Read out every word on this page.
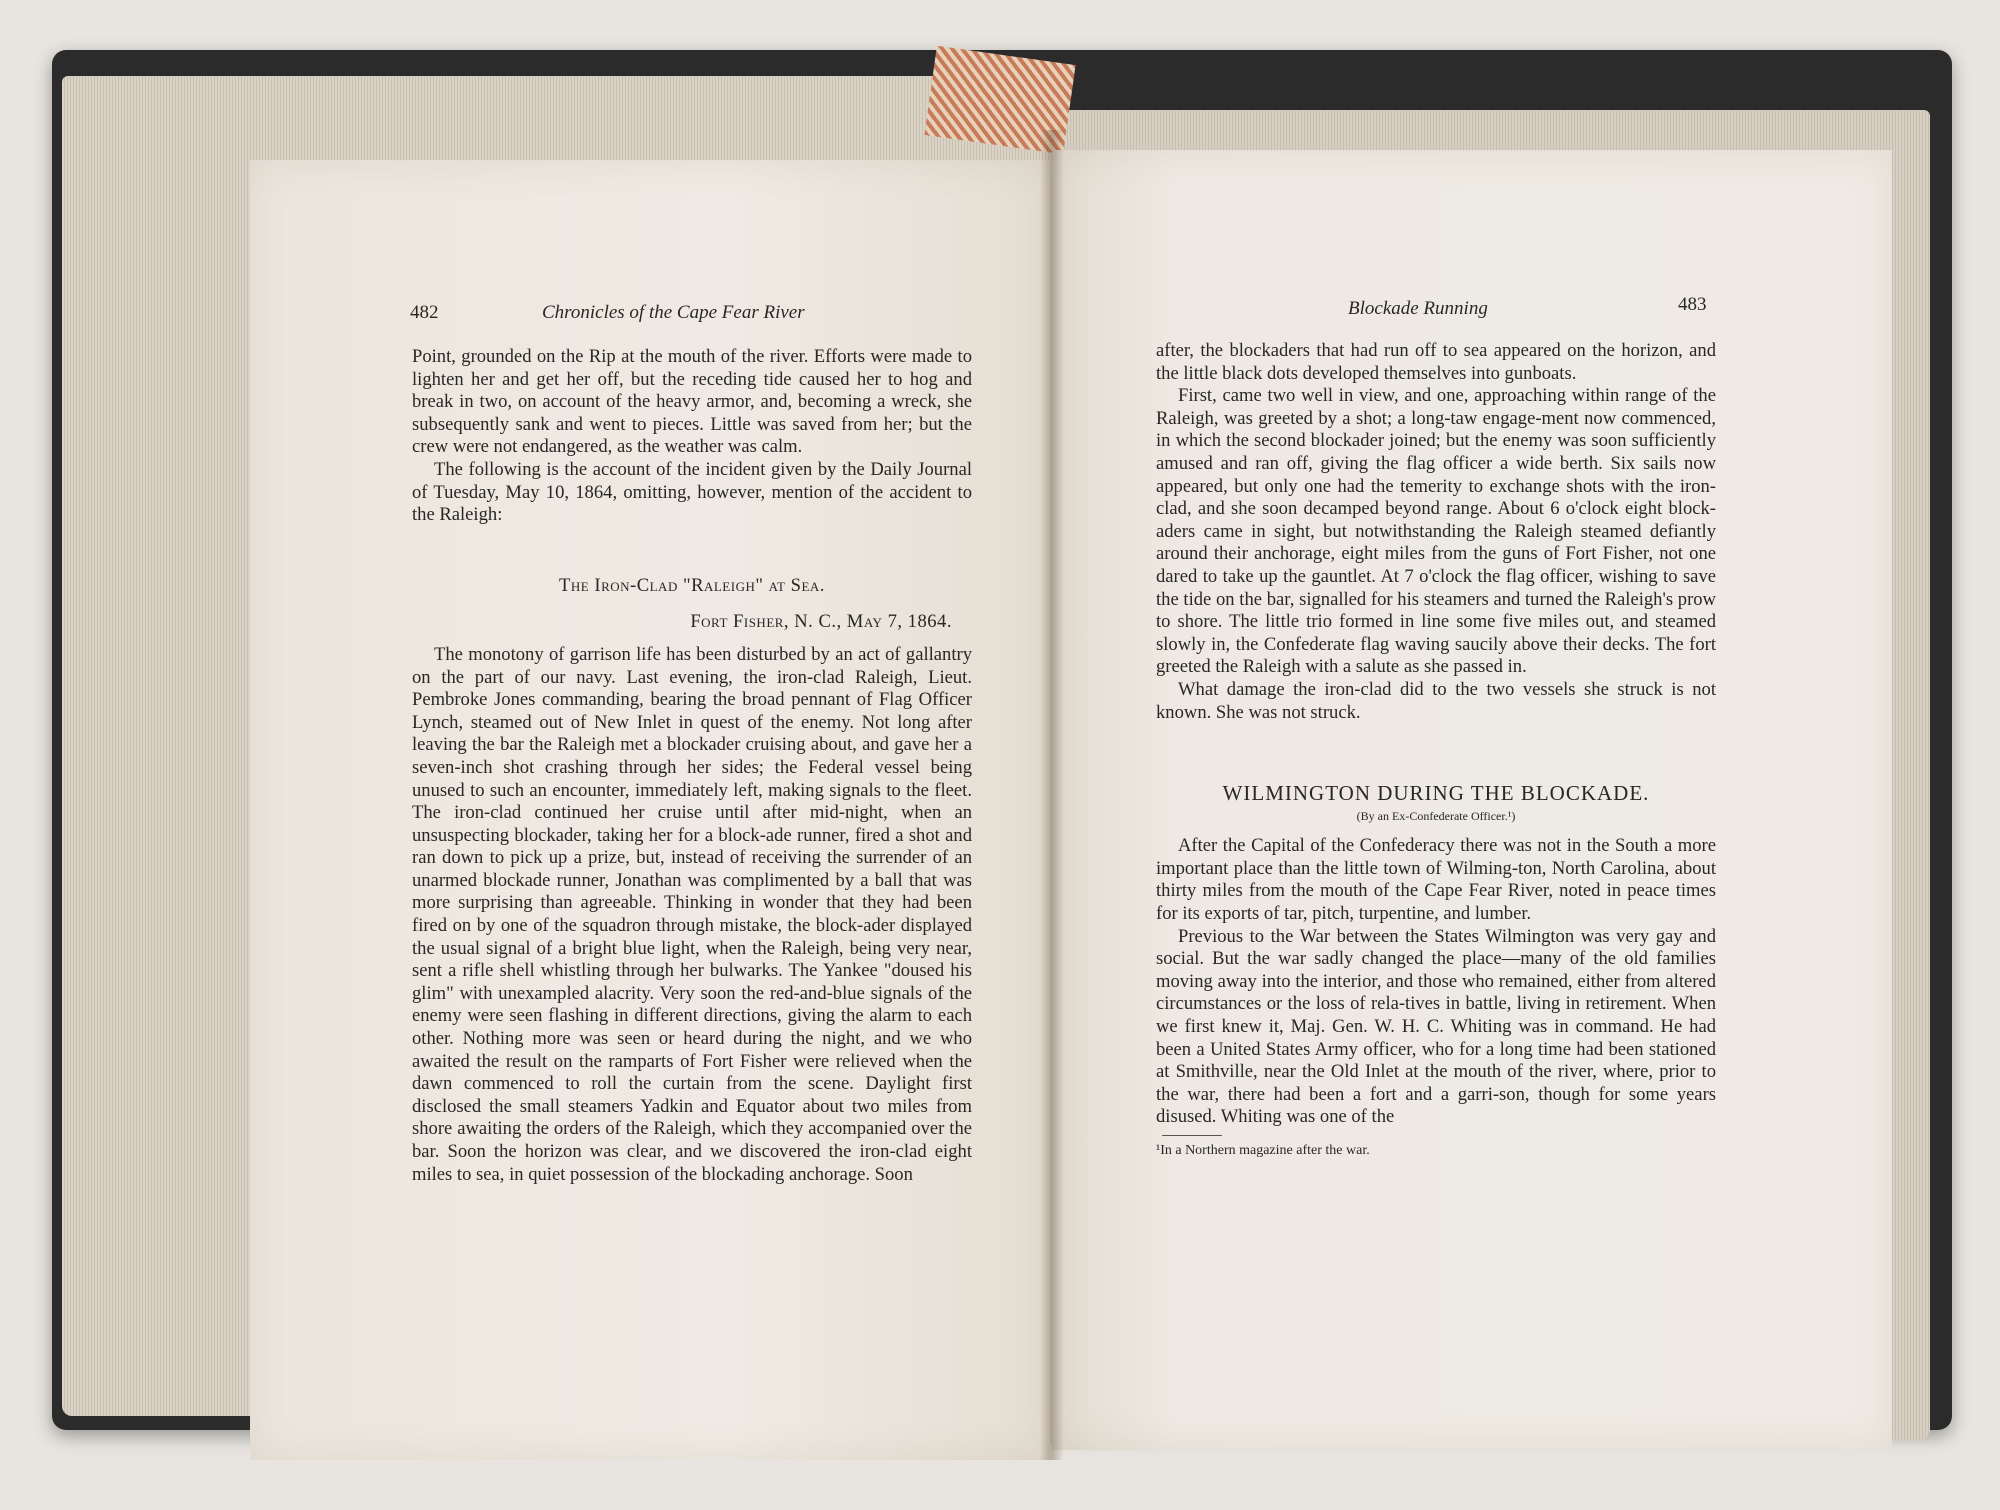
482	Chronicles of the Cape Fear River

Point, grounded on the Rip at the mouth of the river. Efforts were made to lighten her and get her off, but the receding tide caused her to hog and break in two, on account of the heavy armor, and, becoming a wreck, she subsequently sank and went to pieces. Little was saved from her; but the crew were not endangered, as the weather was calm.

The following is the account of the incident given by the Daily Journal of Tuesday, May 10, 1864, omitting, however, mention of the accident to the Raleigh:

The Iron-Clad "Raleigh" at Sea.

Fort Fisher, N. C., May 7, 1864.

The monotony of garrison life has been disturbed by an act of gallantry on the part of our navy. Last evening, the iron-clad Raleigh, Lieut. Pembroke Jones commanding, bearing the broad pennant of Flag Officer Lynch, steamed out of New Inlet in quest of the enemy. Not long after leaving the bar the Raleigh met a blockader cruising about, and gave her a seven-inch shot crashing through her sides; the Federal vessel being unused to such an encounter, immediately left, making signals to the fleet. The iron-clad continued her cruise until after mid-night, when an unsuspecting blockader, taking her for a block-ade runner, fired a shot and ran down to pick up a prize, but, instead of receiving the surrender of an unarmed blockade runner, Jonathan was complimented by a ball that was more surprising than agreeable. Thinking in wonder that they had been fired on by one of the squadron through mistake, the block-ader displayed the usual signal of a bright blue light, when the Raleigh, being very near, sent a rifle shell whistling through her bulwarks. The Yankee "doused his glim" with unexampled alacrity. Very soon the red-and-blue signals of the enemy were seen flashing in different directions, giving the alarm to each other. Nothing more was seen or heard during the night, and we who awaited the result on the ramparts of Fort Fisher were relieved when the dawn commenced to roll the curtain from the scene. Daylight first disclosed the small steamers Yadkin and Equator about two miles from shore awaiting the orders of the Raleigh, which they accompanied over the bar. Soon the horizon was clear, and we discovered the iron-clad eight miles to sea, in quiet possession of the blockading anchorage. Soon

Blockade Running	483

after, the blockaders that had run off to sea appeared on the horizon, and the little black dots developed themselves into gunboats.

First, came two well in view, and one, approaching within range of the Raleigh, was greeted by a shot; a long-taw engage-ment now commenced, in which the second blockader joined; but the enemy was soon sufficiently amused and ran off, giving the flag officer a wide berth. Six sails now appeared, but only one had the temerity to exchange shots with the iron-clad, and she soon decamped beyond range. About 6 o'clock eight block-aders came in sight, but notwithstanding the Raleigh steamed defiantly around their anchorage, eight miles from the guns of Fort Fisher, not one dared to take up the gauntlet. At 7 o'clock the flag officer, wishing to save the tide on the bar, signalled for his steamers and turned the Raleigh's prow to shore. The little trio formed in line some five miles out, and steamed slowly in, the Confederate flag waving saucily above their decks. The fort greeted the Raleigh with a salute as she passed in.

What damage the iron-clad did to the two vessels she struck is not known. She was not struck.

WILMINGTON DURING THE BLOCKADE.

(By an Ex-Confederate Officer.¹)

After the Capital of the Confederacy there was not in the South a more important place than the little town of Wilming-ton, North Carolina, about thirty miles from the mouth of the Cape Fear River, noted in peace times for its exports of tar, pitch, turpentine, and lumber.

Previous to the War between the States Wilmington was very gay and social. But the war sadly changed the place—many of the old families moving away into the interior, and those who remained, either from altered circumstances or the loss of rela-tives in battle, living in retirement. When we first knew it, Maj. Gen. W. H. C. Whiting was in command. He had been a United States Army officer, who for a long time had been stationed at Smithville, near the Old Inlet at the mouth of the river, where, prior to the war, there had been a fort and a garri-son, though for some years disused. Whiting was one of the

¹In a Northern magazine after the war.
